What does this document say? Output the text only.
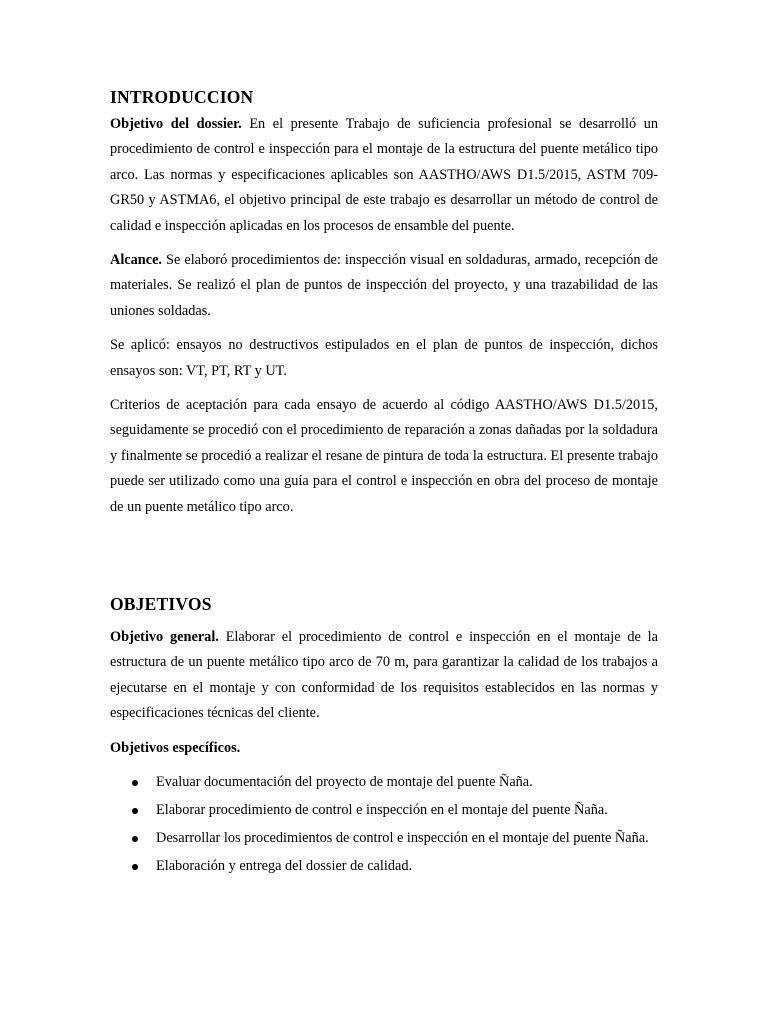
INTRODUCCION

Objetivo del dossier. En el presente Trabajo de suficiencia profesional se desarrolló un procedimiento de control e inspección para el montaje de la estructura del puente metálico tipo arco. Las normas y especificaciones aplicables son AASTHO/AWS D1.5/2015, ASTM 709-GR50 y ASTMA6, el objetivo principal de este trabajo es desarrollar un método de control de calidad e inspección aplicadas en los procesos de ensamble del puente.

Alcance. Se elaboró procedimientos de: inspección visual en soldaduras, armado, recepción de materiales. Se realizó el plan de puntos de inspección del proyecto, y una trazabilidad de las uniones soldadas.

Se aplicó: ensayos no destructivos estipulados en el plan de puntos de inspección, dichos ensayos son: VT, PT, RT y UT.

Criterios de aceptación para cada ensayo de acuerdo al código AASTHO/AWS D1.5/2015, seguidamente se procedió con el procedimiento de reparación a zonas dañadas por la soldadura y finalmente se procedió a realizar el resane de pintura de toda la estructura. El presente trabajo puede ser utilizado como una guía para el control e inspección en obra del proceso de montaje de un puente metálico tipo arco.

OBJETIVOS

Objetivo general. Elaborar el procedimiento de control e inspección en el montaje de la estructura de un puente metálico tipo arco de 70 m, para garantizar la calidad de los trabajos a ejecutarse en el montaje y con conformidad de los requisitos establecidos en las normas y especificaciones técnicas del cliente.

Objetivos específicos.

Evaluar documentación del proyecto de montaje del puente Ñaña.
Elaborar procedimiento de control e inspección en el montaje del puente Ñaña.
Desarrollar los procedimientos de control e inspección en el montaje del puente Ñaña.
Elaboración y entrega del dossier de calidad.
